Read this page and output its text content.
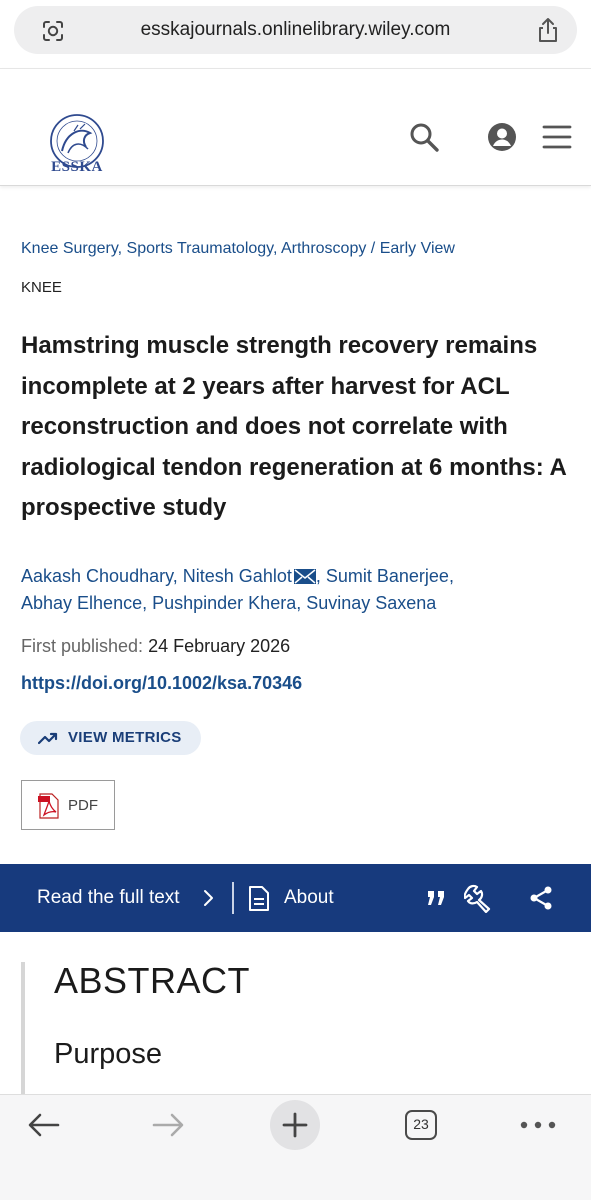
esskajournals.onlinelibrary.wiley.com
ESSKA
Knee Surgery, Sports Traumatology, Arthroscopy / Early View
KNEE
Hamstring muscle strength recovery remains incomplete at 2 years after harvest for ACL reconstruction and does not correlate with radiological tendon regeneration at 6 months: A prospective study
Aakash Choudhary, Nitesh Gahlot , Sumit Banerjee,
Abhay Elhence, Pushpinder Khera, Suvinay Saxena
First published: 24 February 2026
https://doi.org/10.1002/ksa.70346
VIEW METRICS
PDF
Read the full text	About
ABSTRACT
Purpose
23
